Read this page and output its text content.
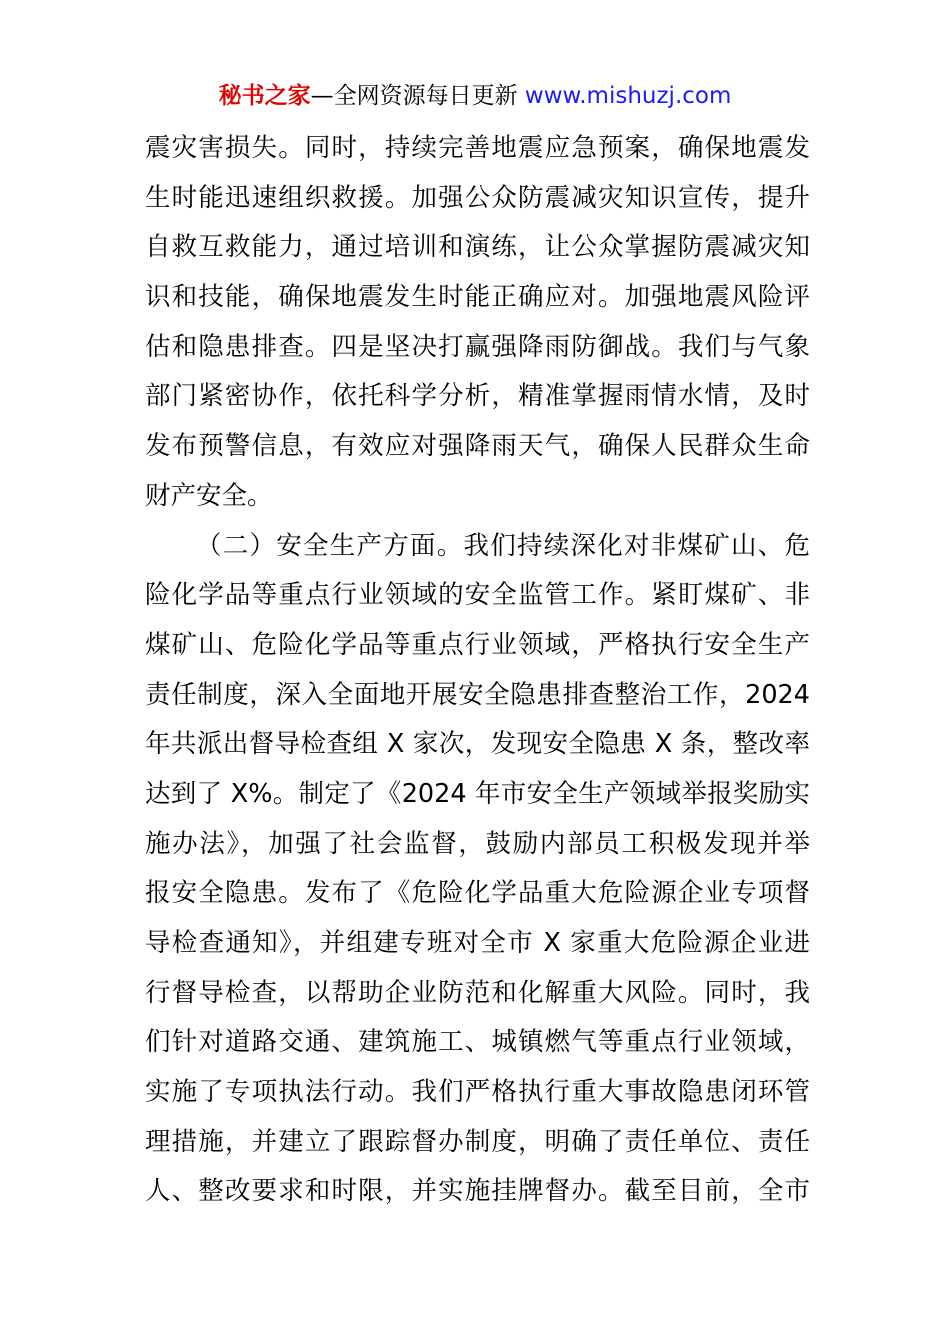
秘书之家—全网资源每日更新 www.mishuzj.com
震灾害损失。同时，持续完善地震应急预案，确保地震发
生时能迅速组织救援。加强公众防震减灾知识宣传，提升
自救互救能力，通过培训和演练，让公众掌握防震减灾知
识和技能，确保地震发生时能正确应对。加强地震风险评
估和隐患排查。四是坚决打赢强降雨防御战。我们与气象
部门紧密协作，依托科学分析，精准掌握雨情水情，及时
发布预警信息，有效应对强降雨天气，确保人民群众生命
财产安全。
（二）安全生产方面。我们持续深化对非煤矿山、危
险化学品等重点行业领域的安全监管工作。紧盯煤矿、非
煤矿山、危险化学品等重点行业领域，严格执行安全生产
责任制度，深入全面地开展安全隐患排查整治工作，2024
年共派出督导检查组 X 家次，发现安全隐患 X 条，整改率
达到了 X%。制定了《2024 年市安全生产领域举报奖励实
施办法》，加强了社会监督，鼓励内部员工积极发现并举
报安全隐患。发布了《危险化学品重大危险源企业专项督
导检查通知》，并组建专班对全市 X 家重大危险源企业进
行督导检查，以帮助企业防范和化解重大风险。同时，我
们针对道路交通、建筑施工、城镇燃气等重点行业领域，
实施了专项执法行动。我们严格执行重大事故隐患闭环管
理措施，并建立了跟踪督办制度，明确了责任单位、责任
人、整改要求和时限，并实施挂牌督办。截至目前，全市
